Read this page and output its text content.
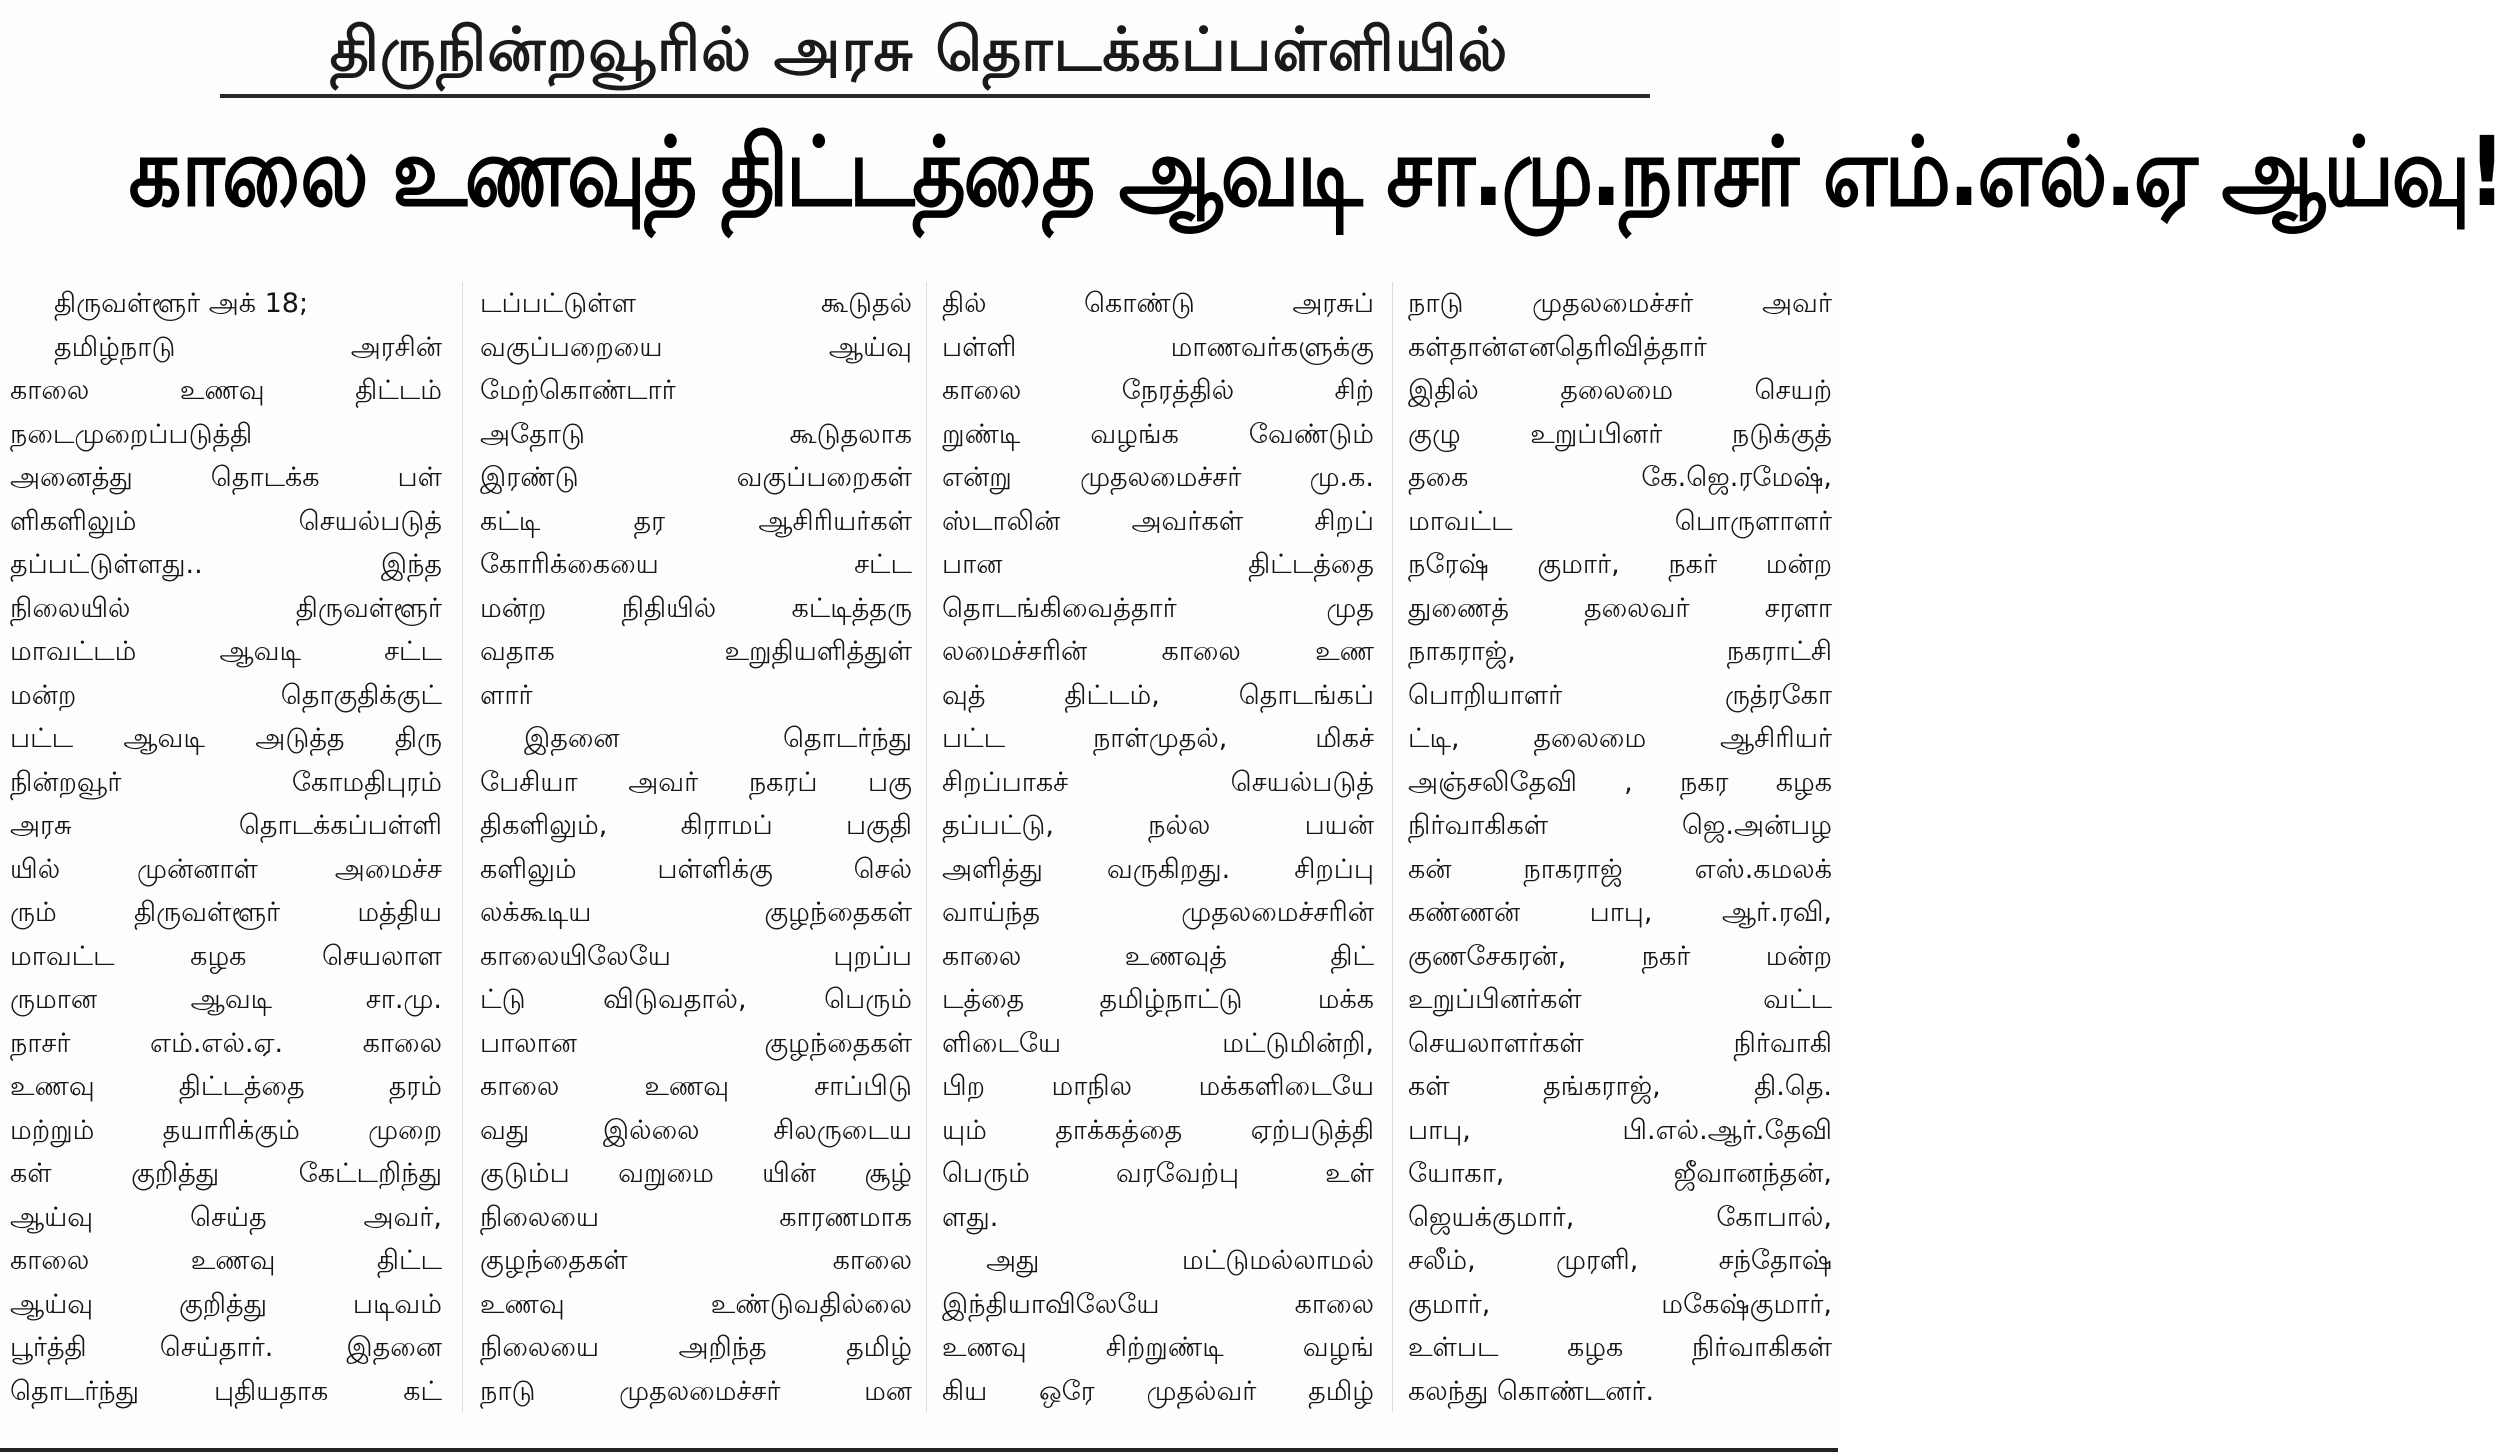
திருநின்றவூரில் அரசு தொடக்கப்பள்ளியில்
காலை உணவுத் திட்டத்தை ஆவடி சா.மு.நாசர் எம்.எல்.ஏ ஆய்வு!
திருவள்ளூர் அக் 18;
தமிழ்நாடு அரசின்
காலை உணவு திட்டம்
நடைமுறைப்படுத்தி
அனைத்து தொடக்க பள்
ளிகளிலும் செயல்படுத்
தப்பட்டுள்ளது.. இந்த
நிலையில் திருவள்ளூர்
மாவட்டம் ஆவடி சட்ட
மன்ற தொகுதிக்குட்
பட்ட ஆவடி அடுத்த திரு
நின்றவூர் கோமதிபுரம்
அரசு தொடக்கப்பள்ளி
யில் முன்னாள் அமைச்ச
ரும் திருவள்ளூர் மத்திய
மாவட்ட கழக செயலாள
ருமான ஆவடி சா.மு.
நாசர் எம்.எல்.ஏ. காலை
உணவு திட்டத்தை தரம்
மற்றும் தயாரிக்கும் முறை
கள் குறித்து கேட்டறிந்து
ஆய்வு செய்த அவர்,
காலை உணவு திட்ட
ஆய்வு குறித்து படிவம்
பூர்த்தி செய்தார். இதனை
தொடர்ந்து புதியதாக கட்
டப்பட்டுள்ள கூடுதல்
வகுப்பறையை ஆய்வு
மேற்கொண்டார்
அதோடு கூடுதலாக
இரண்டு வகுப்பறைகள்
கட்டி தர ஆசிரியர்கள்
கோரிக்கையை சட்ட
மன்ற நிதியில் கட்டித்தரு
வதாக உறுதியளித்துள்
ளார்
இதனை தொடர்ந்து
பேசியா அவர் நகரப் பகு
திகளிலும், கிராமப் பகுதி
களிலும் பள்ளிக்கு செல்
லக்கூடிய குழந்தைகள்
காலையிலேயே புறப்ப
ட்டு விடுவதால், பெரும்
பாலான குழந்தைகள்
காலை உணவு சாப்பிடு
வது இல்லை சிலருடைய
குடும்ப வறுமை யின் சூழ்
நிலையை காரணமாக
குழந்தைகள் காலை
உணவு உண்டுவதில்லை
நிலையை அறிந்த தமிழ்
நாடு முதலமைச்சர் மன
தில் கொண்டு அரசுப்
பள்ளி மாணவர்களுக்கு
காலை நேரத்தில் சிற்
றுண்டி வழங்க வேண்டும்
என்று முதலமைச்சர் மு.க.
ஸ்டாலின் அவர்கள் சிறப்
பான திட்டத்தை
தொடங்கிவைத்தார் முத
லமைச்சரின் காலை உண
வுத் திட்டம், தொடங்கப்
பட்ட நாள்முதல், மிகச்
சிறப்பாகச் செயல்படுத்
தப்பட்டு, நல்ல பயன்
அளித்து வருகிறது. சிறப்பு
வாய்ந்த முதலமைச்சரின்
காலை உணவுத் திட்
டத்தை தமிழ்நாட்டு மக்க
ளிடையே மட்டுமின்றி,
பிற மாநில மக்களிடையே
யும் தாக்கத்தை ஏற்படுத்தி
பெரும் வரவேற்பு உள்
ளது.
அது மட்டுமல்லாமல்
இந்தியாவிலேயே காலை
உணவு சிற்றுண்டி வழங்
கிய ஒரே முதல்வர் தமிழ்
நாடு முதலமைச்சர் அவர்
கள்தான்எனதெரிவித்தார்
இதில் தலைமை செயற்
குழு உறுப்பினர் நடுக்குத்
தகை கே.ஜெ.ரமேஷ்,
மாவட்ட பொருளாளர்
நரேஷ் குமார், நகர் மன்ற
துணைத் தலைவர் சரளா
நாகராஜ், நகராட்சி
பொறியாளர் ருத்ரகோ
ட்டி, தலைமை ஆசிரியர்
அஞ்சலிதேவி , நகர கழக
நிர்வாகிகள் ஜெ.அன்பழ
கன் நாகராஜ் எஸ்.கமலக்
கண்ணன் பாபு, ஆர்.ரவி,
குணசேகரன், நகர் மன்ற
உறுப்பினர்கள் வட்ட
செயலாளர்கள் நிர்வாகி
கள் தங்கராஜ், தி.தெ.
பாபு, பி.எல்.ஆர்.தேவி
யோகா, ஜீவானந்தன்,
ஜெயக்குமார், கோபால்,
சலீம், முரளி, சந்தோஷ்
குமார், மகேஷ்குமார்,
உள்பட கழக நிர்வாகிகள்
கலந்து கொண்டனர்.
